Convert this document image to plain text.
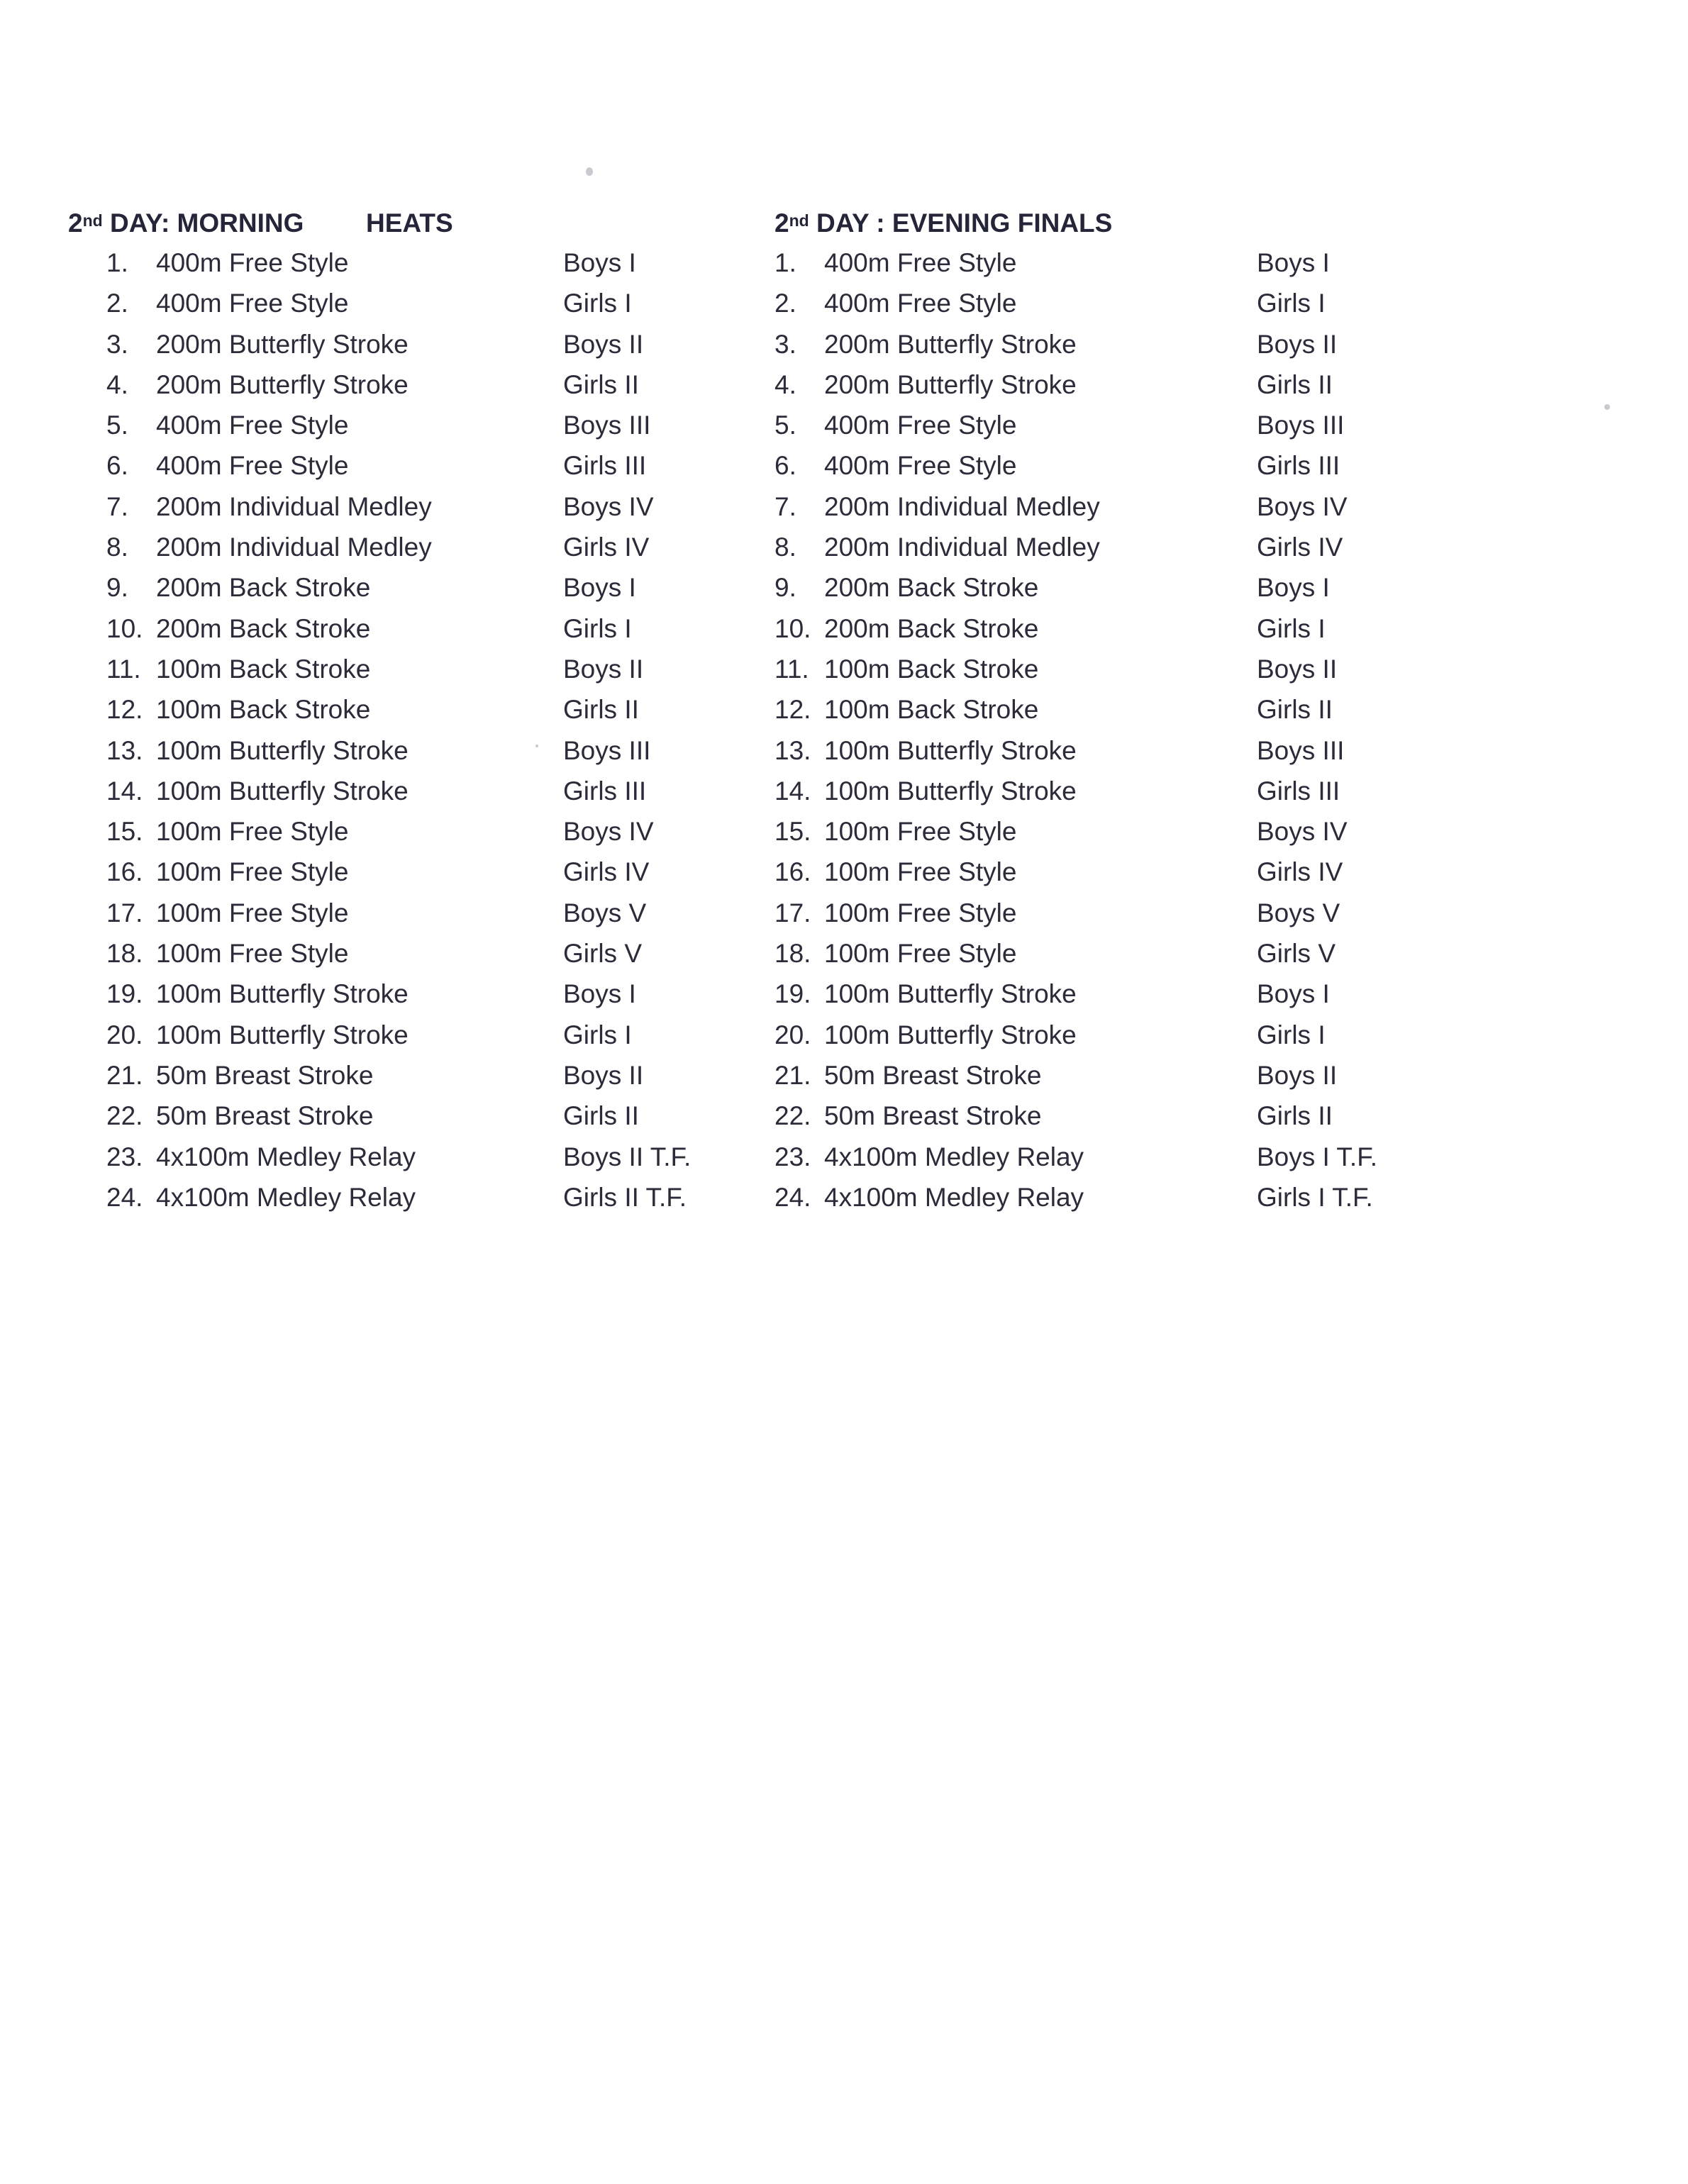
2nd DAY: MORNING HEATS
1. 400m Free Style	Boys I
2. 400m Free Style	Girls I
3. 200m Butterfly Stroke	Boys II
4. 200m Butterfly Stroke	Girls II
5. 400m Free Style	Boys III
6. 400m Free Style	Girls III
7. 200m Individual Medley	Boys IV
8. 200m Individual Medley	Girls IV
9. 200m Back Stroke	Boys I
10. 200m Back Stroke	Girls I
11. 100m Back Stroke	Boys II
12. 100m Back Stroke	Girls II
13. 100m Butterfly Stroke	Boys III
14. 100m Butterfly Stroke	Girls III
15. 100m Free Style	Boys IV
16. 100m Free Style	Girls IV
17. 100m Free Style	Boys V
18. 100m Free Style	Girls V
19. 100m Butterfly Stroke	Boys I
20. 100m Butterfly Stroke	Girls I
21. 50m Breast Stroke	Boys II
22. 50m Breast Stroke	Girls II
23. 4x100m Medley Relay	Boys II T.F.
24. 4x100m Medley Relay	Girls II T.F.
2nd DAY : EVENING FINALS
1. 400m Free Style	Boys I
2. 400m Free Style	Girls I
3. 200m Butterfly Stroke	Boys II
4. 200m Butterfly Stroke	Girls II
5. 400m Free Style	Boys III
6. 400m Free Style	Girls III
7. 200m Individual Medley	Boys IV
8. 200m Individual Medley	Girls IV
9. 200m Back Stroke	Boys I
10. 200m Back Stroke	Girls I
11. 100m Back Stroke	Boys II
12. 100m Back Stroke	Girls II
13. 100m Butterfly Stroke	Boys III
14. 100m Butterfly Stroke	Girls III
15. 100m Free Style	Boys IV
16. 100m Free Style	Girls IV
17. 100m Free Style	Boys V
18. 100m Free Style	Girls V
19. 100m Butterfly Stroke	Boys I
20. 100m Butterfly Stroke	Girls I
21. 50m Breast Stroke	Boys II
22. 50m Breast Stroke	Girls II
23. 4x100m Medley Relay	Boys I T.F.
24. 4x100m Medley Relay	Girls I T.F.
